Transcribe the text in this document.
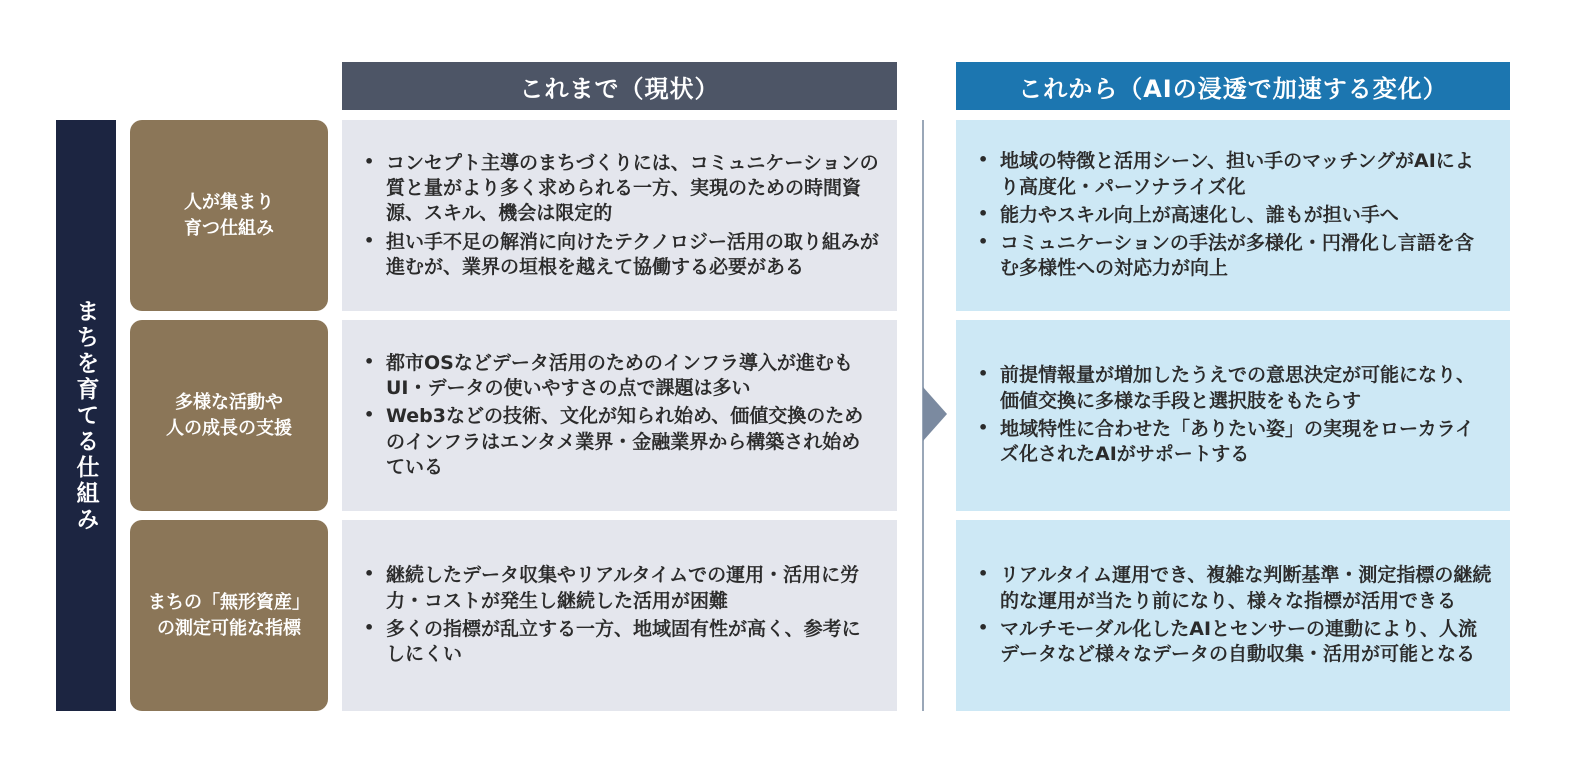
これまで（現状）	これから（AIの浸透で加速する変化）
まちを育てる仕組み
人が集まり
育つ仕組み
• コンセプト主導のまちづくりには、コミュニケーションの質と量がより多く求められる一方、実現のための時間資源、スキル、機会は限定的
• 担い手不足の解消に向けたテクノロジー活用の取り組みが進むが、業界の垣根を越えて協働する必要がある
• 地域の特徴と活用シーン、担い手のマッチングがAIにより高度化・パーソナライズ化
• 能力やスキル向上が高速化し、誰もが担い手へ
• コミュニケーションの手法が多様化・円滑化し言語を含む多様性への対応力が向上
多様な活動や
人の成長の支援
• 都市OSなどデータ活用のためのインフラ導入が進むもUI・データの使いやすさの点で課題は多い
• Web3などの技術、文化が知られ始め、価値交換のためのインフラはエンタメ業界・金融業界から構築され始めている
• 前提情報量が増加したうえでの意思決定が可能になり、価値交換に多様な手段と選択肢をもたらす
• 地域特性に合わせた「ありたい姿」の実現をローカライズ化されたAIがサポートする
まちの「無形資産」
の測定可能な指標
• 継続したデータ収集やリアルタイムでの運用・活用に労力・コストが発生し継続した活用が困難
• 多くの指標が乱立する一方、地域固有性が高く、参考にしにくい
• リアルタイム運用でき、複雑な判断基準・測定指標の継続的な運用が当たり前になり、様々な指標が活用できる
• マルチモーダル化したAIとセンサーの連動により、人流データなど様々なデータの自動収集・活用が可能となる
